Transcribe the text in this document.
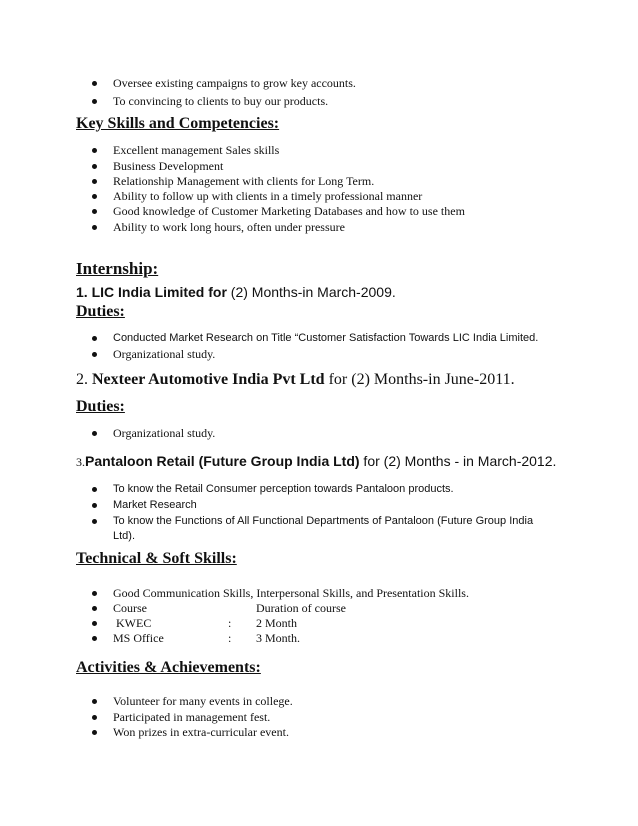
Oversee existing campaigns to grow key accounts.
To convincing to clients to buy our products.
Key Skills and Competencies:
Excellent management Sales skills
Business Development
Relationship Management with clients for Long Term.
Ability to follow up with clients in a timely professional manner
Good knowledge of Customer Marketing Databases and how to use them
Ability to work long hours, often under pressure
Internship:
1. LIC India Limited for (2) Months-in March-2009.
Duties:
Conducted Market Research on Title “Customer Satisfaction Towards LIC India Limited.
Organizational study.
2. Nexteer Automotive India Pvt Ltd for (2) Months-in June-2011.
Duties:
Organizational study.
3.Pantaloon Retail (Future Group India Ltd) for (2) Months - in March-2012.
To know the Retail Consumer perception towards Pantaloon products.
Market Research
To know the Functions of All Functional Departments of Pantaloon (Future Group India
Ltd).
Technical & Soft Skills:
Good Communication Skills, Interpersonal Skills, and Presentation Skills.
Course	Duration of course
KWEC	: 2 Month
MS Office	: 3 Month.
Activities & Achievements:
Volunteer for many events in college.
Participated in management fest.
Won prizes in extra-curricular event.
